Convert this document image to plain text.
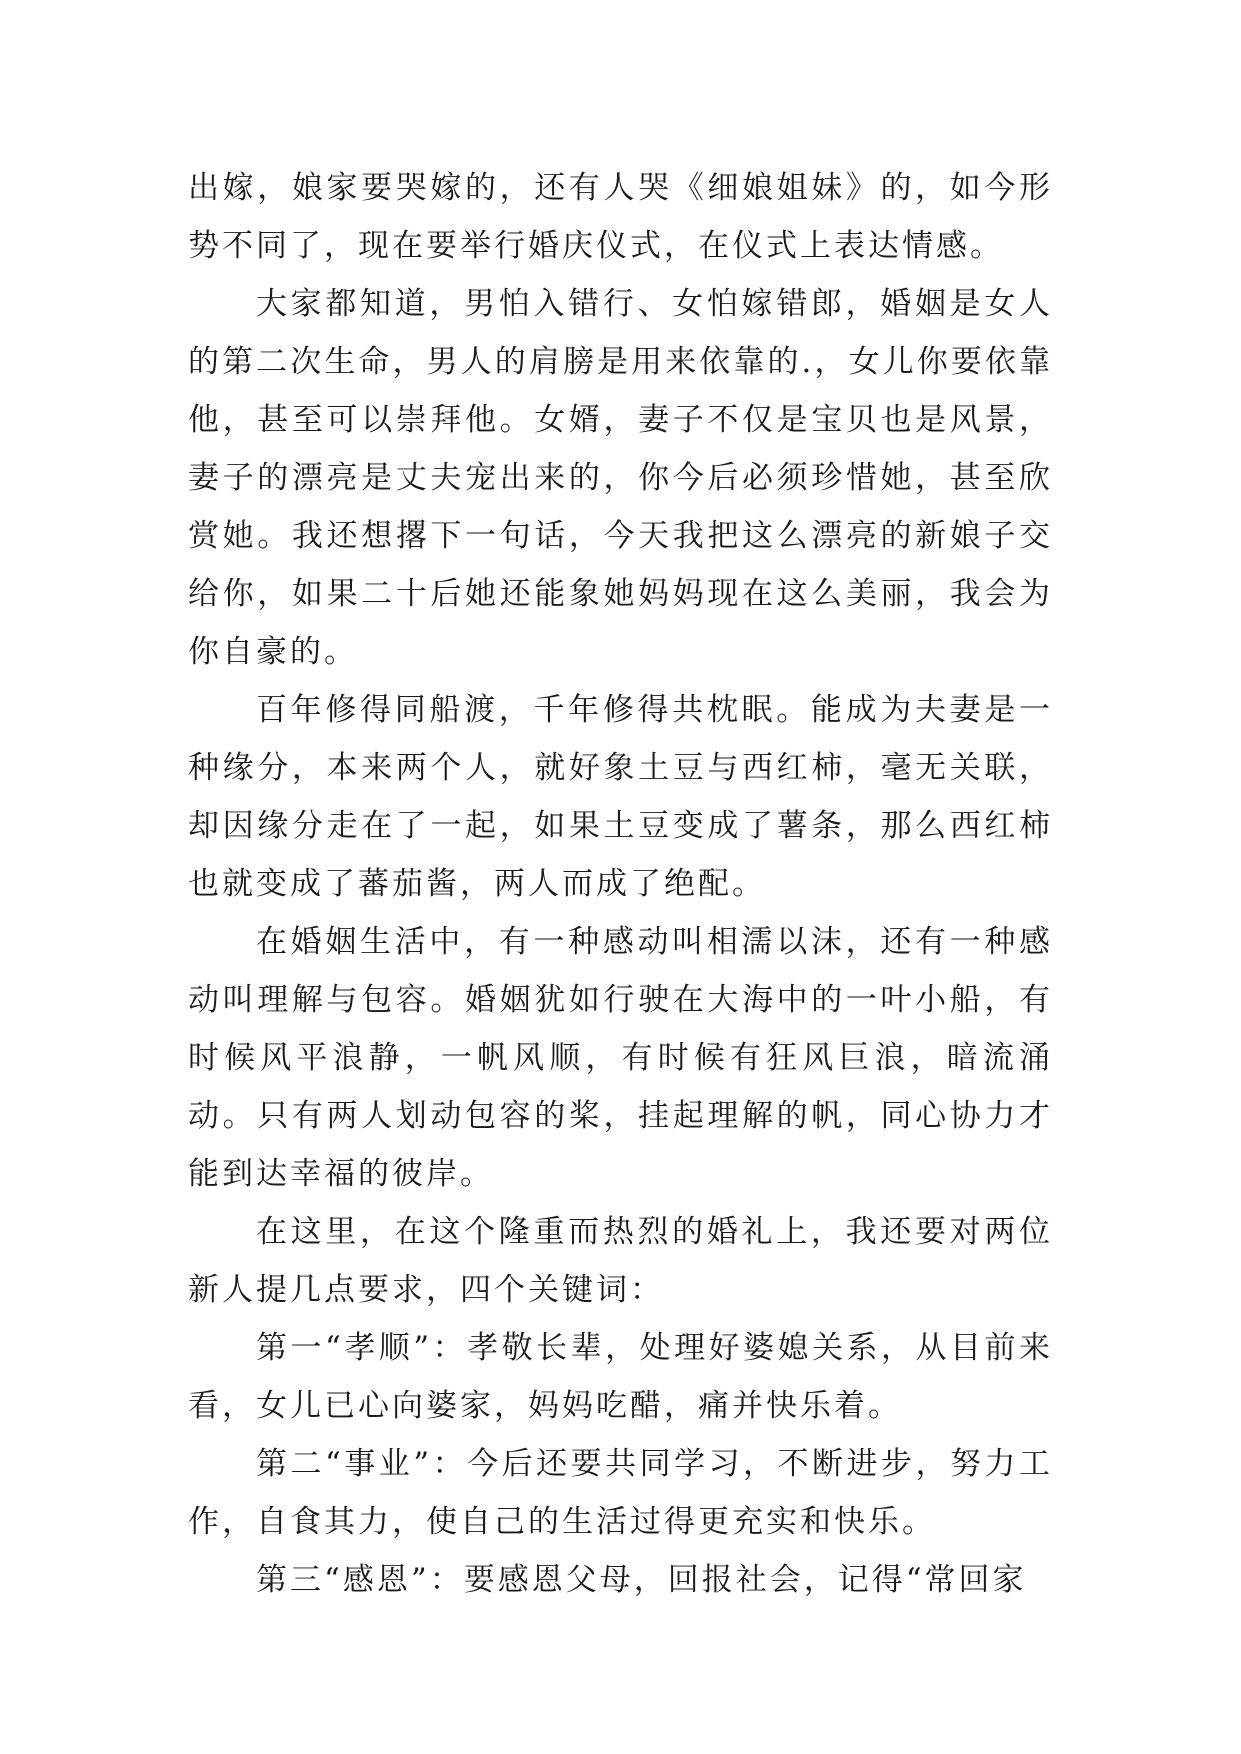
出嫁，娘家要哭嫁的，还有人哭《细娘姐妹》的，如今形势不同了，现在要举行婚庆仪式，在仪式上表达情感。

大家都知道，男怕入错行、女怕嫁错郎，婚姻是女人的第二次生命，男人的肩膀是用来依靠的.，女儿你要依靠他，甚至可以崇拜他。女婿，妻子不仅是宝贝也是风景，妻子的漂亮是丈夫宠出来的，你今后必须珍惜她，甚至欣赏她。我还想撂下一句话，今天我把这么漂亮的新娘子交给你，如果二十后她还能象她妈妈现在这么美丽，我会为你自豪的。

百年修得同船渡，千年修得共枕眠。能成为夫妻是一种缘分，本来两个人，就好象土豆与西红柿，毫无关联，却因缘分走在了一起，如果土豆变成了薯条，那么西红柿也就变成了蕃茄酱，两人而成了绝配。

在婚姻生活中，有一种感动叫相濡以沫，还有一种感动叫理解与包容。婚姻犹如行驶在大海中的一叶小船，有时候风平浪静，一帆风顺，有时候有狂风巨浪，暗流涌动。只有两人划动包容的桨，挂起理解的帆，同心协力才能到达幸福的彼岸。

在这里，在这个隆重而热烈的婚礼上，我还要对两位新人提几点要求，四个关键词：

第一“孝顺”：孝敬长辈，处理好婆媳关系，从目前来看，女儿已心向婆家，妈妈吃醋，痛并快乐着。

第二“事业”：今后还要共同学习，不断进步，努力工作，自食其力，使自己的生活过得更充实和快乐。

第三“感恩”：要感恩父母，回报社会，记得“常回家
